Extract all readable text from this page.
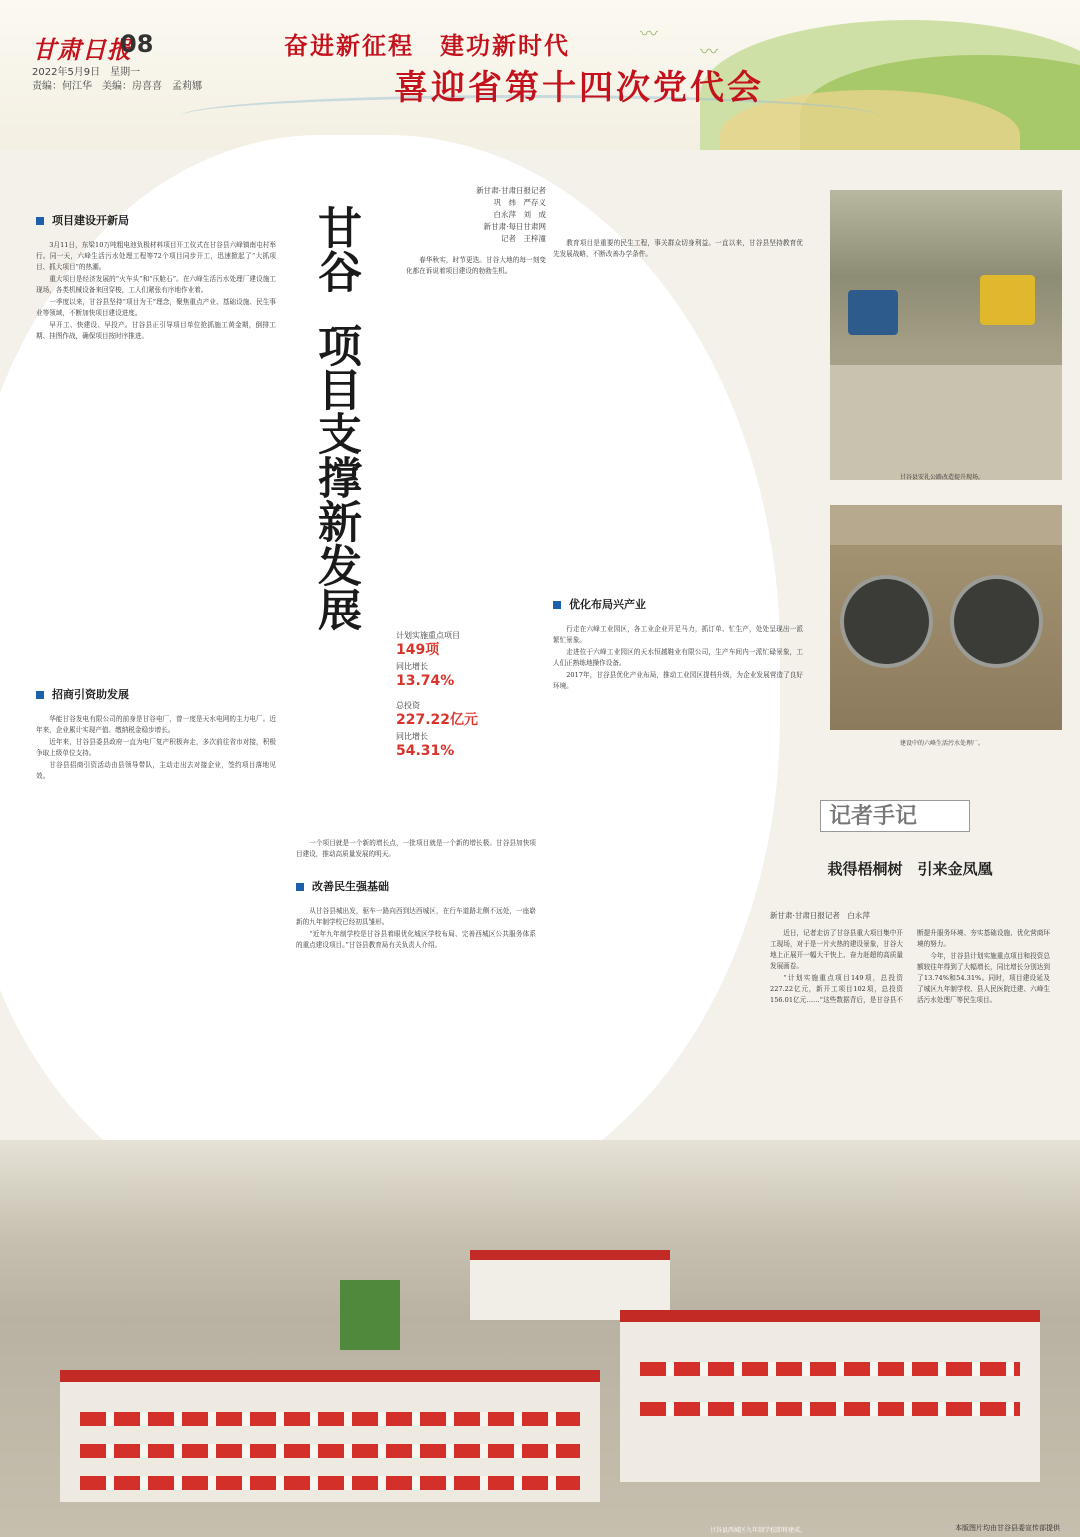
〰
〰
甘肃日报
08
2022年5月9日　星期一
责编：何江华　美编：房喜喜　孟莉娜
奋进新征程　建功新时代
喜迎省第十四次党代会
项目建设开新局

3月11日，东梁10万吨粗电池负极材料项目开工仪式在甘谷县六峰镇南屯村举行。同一天，六峰生活污水处理工程等72个项目同步开工，迅速掀起了“大抓项目、抓大项目”的热潮。

重大项目是经济发展的“火车头”和“压舱石”。在六峰生活污水处理厂建设施工现场，各类机械设备来回穿梭，工人们紧张有序地作业着。

一季度以来，甘谷县坚持“项目为王”理念，聚焦重点产业、基础设施、民生事业等领域，不断加快项目建设进度。

早开工、快建设、早投产。甘谷县正引导项目单位抢抓施工黄金期，倒排工期、挂图作战，确保项目按时序推进。

招商引资助发展

华能甘谷发电有限公司的前身是甘谷电厂，曾一度是天水电网的主力电厂。近年来，企业累计实现产值、缴纳税金稳步增长。

近年来，甘谷县委县政府一直为电厂复产积极奔走，多次前往省市对接，积极争取上级单位支持。

甘谷县招商引资活动由县领导带队，主动走出去对接企业，签约项目落地见效。

甘谷
项目支撑新发展
新甘肃·甘肃日报记者
巩　炜　严存义
白永萍　刘　成
新甘肃·每日甘肃网
记者　王梓潼

春华秋实，时节更迭。甘谷大地的每一刻变化都在诉说着项目建设的勃勃生机。

计划实施重点项目
149项
同比增长
13.74%
总投资
227.22亿元
同比增长
54.31%

教育项目是重要的民生工程，事关群众切身利益。一直以来，甘谷县坚持教育优先发展战略，不断改善办学条件。

优化布局兴产业

行走在六峰工业园区，各工业企业开足马力，抓订单、忙生产，处处呈现出一派繁忙景象。

走进位于六峰工业园区的天水恒越鞋业有限公司，生产车间内一派忙碌景象，工人们正熟练地操作设备。

2017年，甘谷县优化产业布局，推动工业园区提档升级，为企业发展营造了良好环境。

一个项目就是一个新的增长点，一批项目就是一个新的增长极。甘谷县加快项目建设，推动高质量发展的明天。

改善民生强基础

从甘谷县城出发，驱车一路向西到达西城区，在行车道路北侧不远处，一座崭新的九年制学校已经初具雏形。

“近年九年制学校是甘谷县着眼优化城区学校布局、完善西城区公共服务体系的重点建设项目。”甘谷县教育局有关负责人介绍。

甘谷县安礼公路改造提升现场。
建设中的六峰生活污水处理厂。
记者手记
栽得梧桐树　引来金凤凰
新甘肃·甘肃日报记者　白永萍

近日，记者走访了甘谷县重大项目集中开工现场，对于是一片火热的建设景象，甘谷大地上正展开一幅大干快上、奋力赶超的高质量发展画卷。

“计划实施重点项目149项，总投资227.22亿元，新开工项目102项，总投资156.01亿元……”这些数据背后，是甘谷县不断提升服务环境、夯实基础设施、优化营商环境的努力。

今年，甘谷县计划实施重点项目和投资总额较往年得到了大幅增长，同比增长分别达到了13.74%和54.31%。同时，项目建设延及了城区九年制学校、县人民医院迁建、六峰生活污水处理厂等民生项目。

甘谷县西城区九年制学校即将建成。	本版图片均由甘谷县委宣传部提供
